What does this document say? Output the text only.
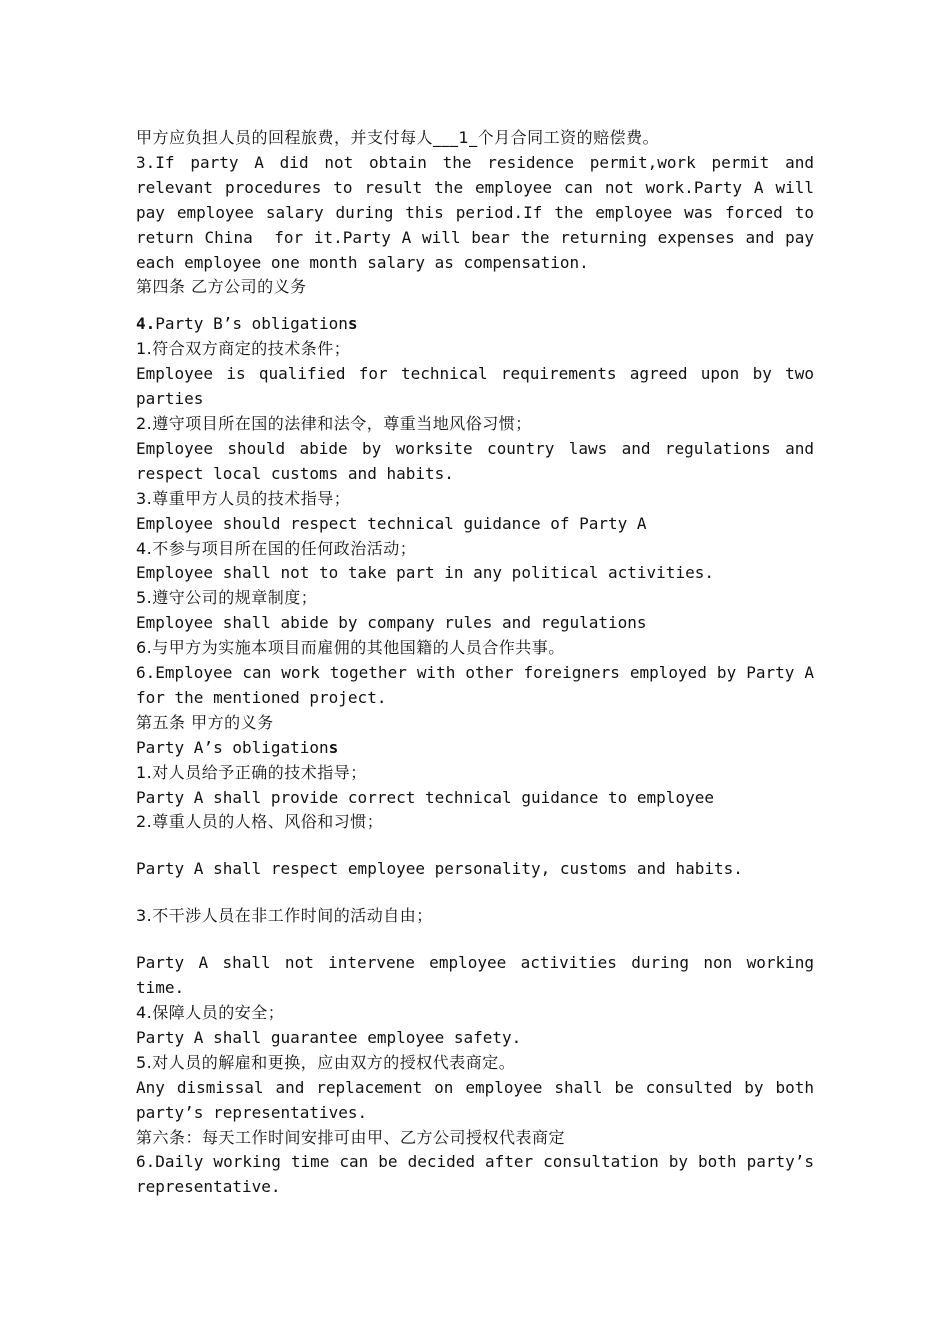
甲方应负担人员的回程旅费，并支付每人___1_个月合同工资的赔偿费。
3.If party A did not obtain the residence permit,work permit and relevant procedures to result the employee can not work.Party A will pay employee salary during this period.If the employee was forced to return China  for it.Party A will bear the returning expenses and pay each employee one month salary as compensation.
第四条 乙方公司的义务
4.Party B’s obligations
1.符合双方商定的技术条件；
Employee is qualified for technical requirements agreed upon by two parties
2.遵守项目所在国的法律和法令，尊重当地风俗习惯；
Employee should abide by worksite country laws and regulations and respect local customs and habits.
3.尊重甲方人员的技术指导；
Employee should respect technical guidance of Party A
4.不参与项目所在国的任何政治活动；
Employee shall not to take part in any political activities.
5.遵守公司的规章制度；
Employee shall abide by company rules and regulations
6.与甲方为实施本项目而雇佣的其他国籍的人员合作共事。
6.Employee can work together with other foreigners employed by Party A for the mentioned project.
第五条 甲方的义务
Party A’s obligations
1.对人员给予正确的技术指导；
Party A shall provide correct technical guidance to employee
2.尊重人员的人格、风俗和习惯；
Party A shall respect employee personality, customs and habits.
3.不干涉人员在非工作时间的活动自由；
Party A shall not intervene employee activities during non working time.
4.保障人员的安全；
Party A shall guarantee employee safety.
5.对人员的解雇和更换，应由双方的授权代表商定。
Any dismissal and replacement on employee shall be consulted by both party’s representatives.
第六条：每天工作时间安排可由甲、乙方公司授权代表商定
6.Daily working time can be decided after consultation by both party’s representative.
